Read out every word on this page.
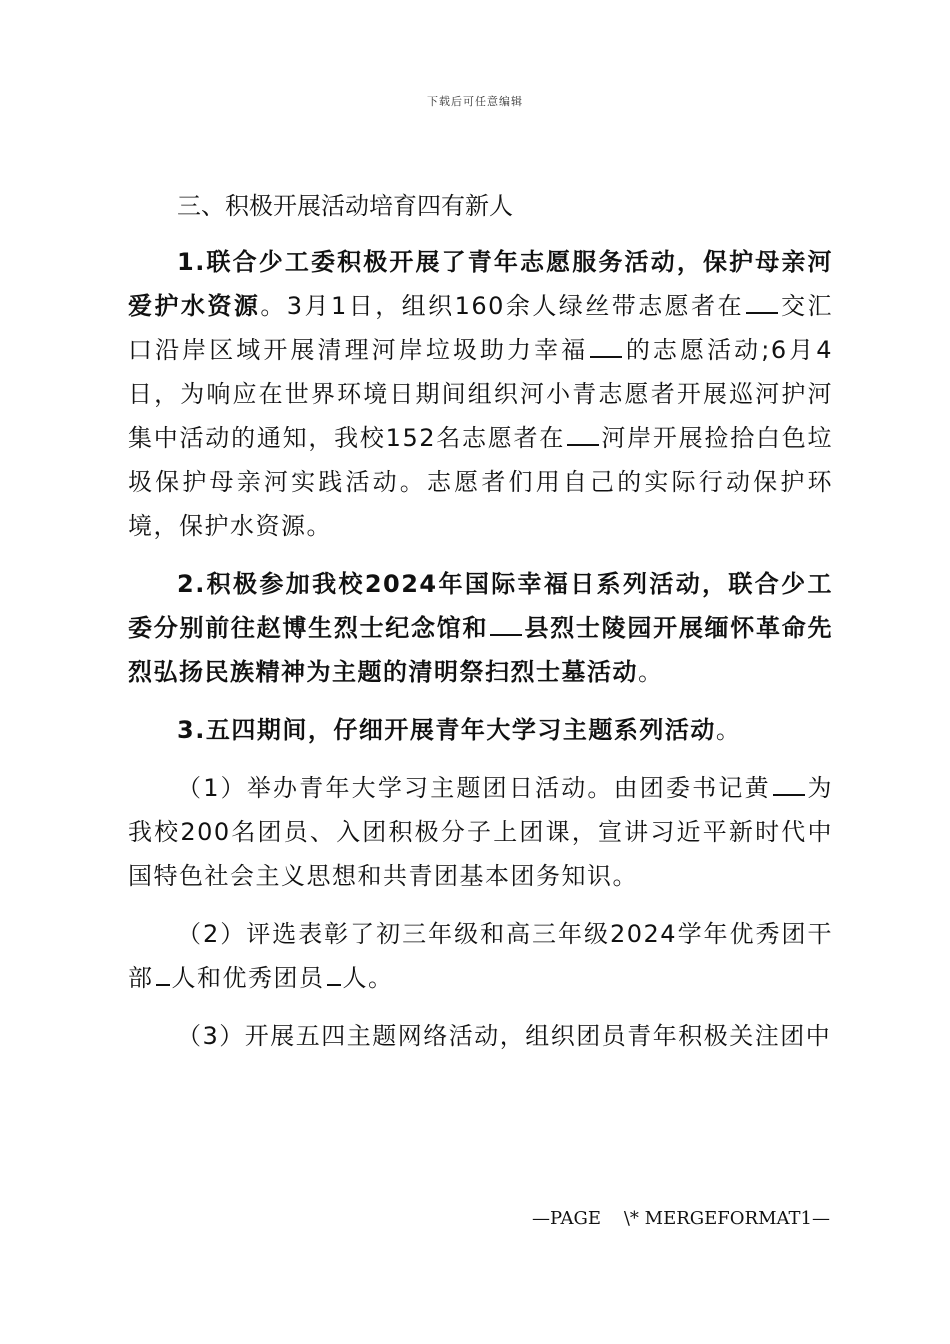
下载后可任意编辑
三、积极开展活动培育四有新人

1.联合少工委积极开展了青年志愿服务活动，保护母亲河爱护水资源。3月1日，组织160余人绿丝带志愿者在 交汇口沿岸区域开展清理河岸垃圾助力幸福 的志愿活动;6月4日，为响应在世界环境日期间组织河小青志愿者开展巡河护河集中活动的通知，我校152名志愿者在 河岸开展捡拾白色垃圾保护母亲河实践活动。志愿者们用自己的实际行动保护环境，保护水资源。

2.积极参加我校2024年国际幸福日系列活动，联合少工委分别前往赵博生烈士纪念馆和 县烈士陵园开展缅怀革命先烈弘扬民族精神为主题的清明祭扫烈士墓活动。

3.五四期间，仔细开展青年大学习主题系列活动。

（1）举办青年大学习主题团日活动。由团委书记黄 为我校200名团员、入团积极分子上团课，宣讲习近平新时代中国特色社会主义思想和共青团基本团务知识。

（2）评选表彰了初三年级和高三年级2024学年优秀团干部 人和优秀团员 人。

（3）开展五四主题网络活动，组织团员青年积极关注团中

—PAGE    \* MERGEFORMAT1—
